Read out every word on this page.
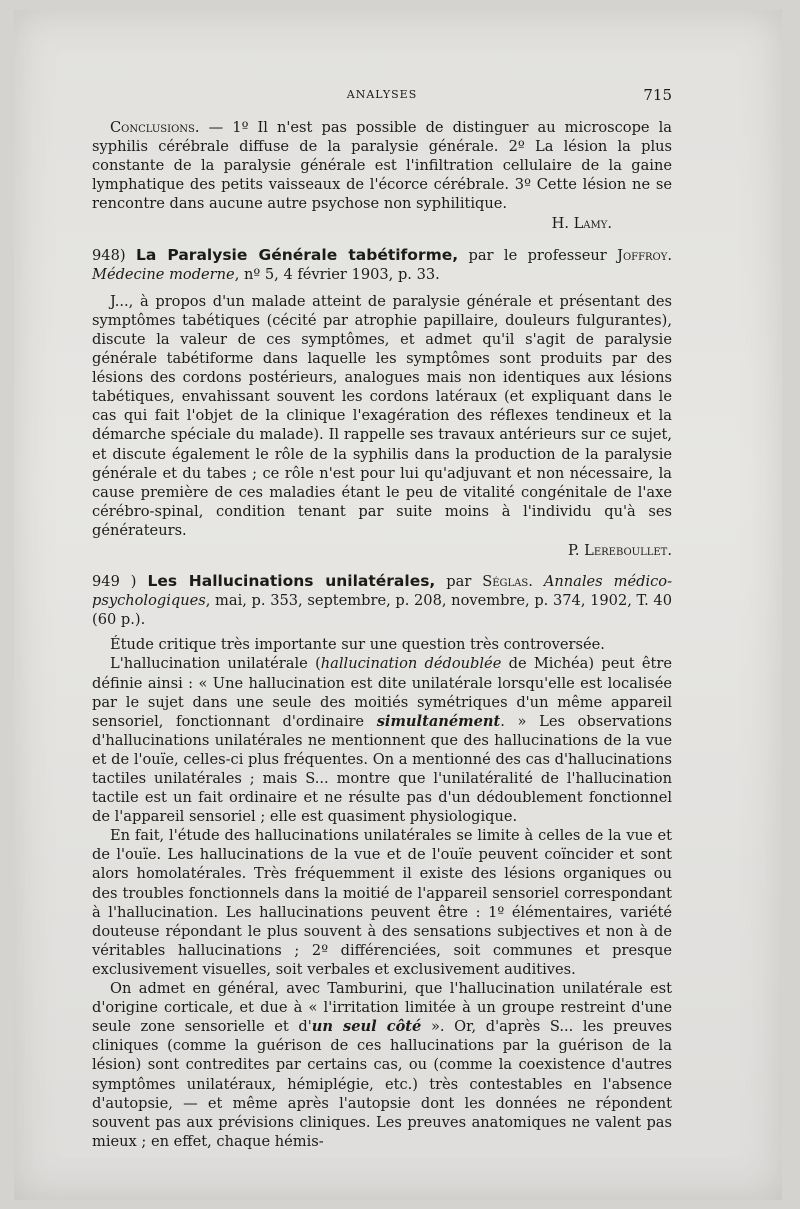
ANALYSES	715

Conclusions. — 1º Il n'est pas possible de distinguer au microscope la syphilis cérébrale diffuse de la paralysie générale. 2º La lésion la plus constante de la paralysie générale est l'infiltration cellulaire de la gaine lymphatique des petits vaisseaux de l'écorce cérébrale. 3º Cette lésion ne se rencontre dans aucune autre psychose non syphilitique.

H. Lamy.

948) La Paralysie Générale tabétiforme, par le professeur Joffroy. Médecine moderne, nº 5, 4 février 1903, p. 33.

J..., à propos d'un malade atteint de paralysie générale et présentant des symptômes tabétiques (cécité par atrophie papillaire, douleurs fulgurantes), discute la valeur de ces symptômes, et admet qu'il s'agit de paralysie générale tabétiforme dans laquelle les symptômes sont produits par des lésions des cordons postérieurs, analogues mais non identiques aux lésions tabétiques, envahissant souvent les cordons latéraux (et expliquant dans le cas qui fait l'objet de la clinique l'exagération des réflexes tendineux et la démarche spéciale du malade). Il rappelle ses travaux antérieurs sur ce sujet, et discute également le rôle de la syphilis dans la production de la paralysie générale et du tabes ; ce rôle n'est pour lui qu'adjuvant et non nécessaire, la cause première de ces maladies étant le peu de vitalité congénitale de l'axe cérébro-spinal, condition tenant par suite moins à l'individu qu'à ses générateurs.

P. Lereboullet.

949 ) Les Hallucinations unilatérales, par Séglas. Annales médico-psychologiques, mai, p. 353, septembre, p. 208, novembre, p. 374, 1902, T. 40 (60 p.).

Étude critique très importante sur une question très controversée.

L'hallucination unilatérale (hallucination dédoublée de Michéa) peut être définie ainsi : « Une hallucination est dite unilatérale lorsqu'elle est localisée par le sujet dans une seule des moitiés symétriques d'un même appareil sensoriel, fonctionnant d'ordinaire simultanément. » Les observations d'hallucinations unilatérales ne mentionnent que des hallucinations de la vue et de l'ouïe, celles-ci plus fréquentes. On a mentionné des cas d'hallucinations tactiles unilatérales ; mais S... montre que l'unilatéralité de l'hallucination tactile est un fait ordinaire et ne résulte pas d'un dédoublement fonctionnel de l'appareil sensoriel ; elle est quasiment physiologique.

En fait, l'étude des hallucinations unilatérales se limite à celles de la vue et de l'ouïe. Les hallucinations de la vue et de l'ouïe peuvent coïncider et sont alors homolatérales. Très fréquemment il existe des lésions organiques ou des troubles fonctionnels dans la moitié de l'appareil sensoriel correspondant à l'hallucination. Les hallucinations peuvent être : 1º élémentaires, variété douteuse répondant le plus souvent à des sensations subjectives et non à de véritables hallucinations ; 2º différenciées, soit communes et presque exclusivement visuelles, soit verbales et exclusivement auditives.

On admet en général, avec Tamburini, que l'hallucination unilatérale est d'origine corticale, et due à « l'irritation limitée à un groupe restreint d'une seule zone sensorielle et d'un seul côté ». Or, d'après S... les preuves cliniques (comme la guérison de ces hallucinations par la guérison de la lésion) sont contredites par certains cas, ou (comme la coexistence d'autres symptômes unilatéraux, hémiplégie, etc.) très contestables en l'absence d'autopsie, — et même après l'autopsie dont les données ne répondent souvent pas aux prévisions cliniques. Les preuves anatomiques ne valent pas mieux ; en effet, chaque hémis-
